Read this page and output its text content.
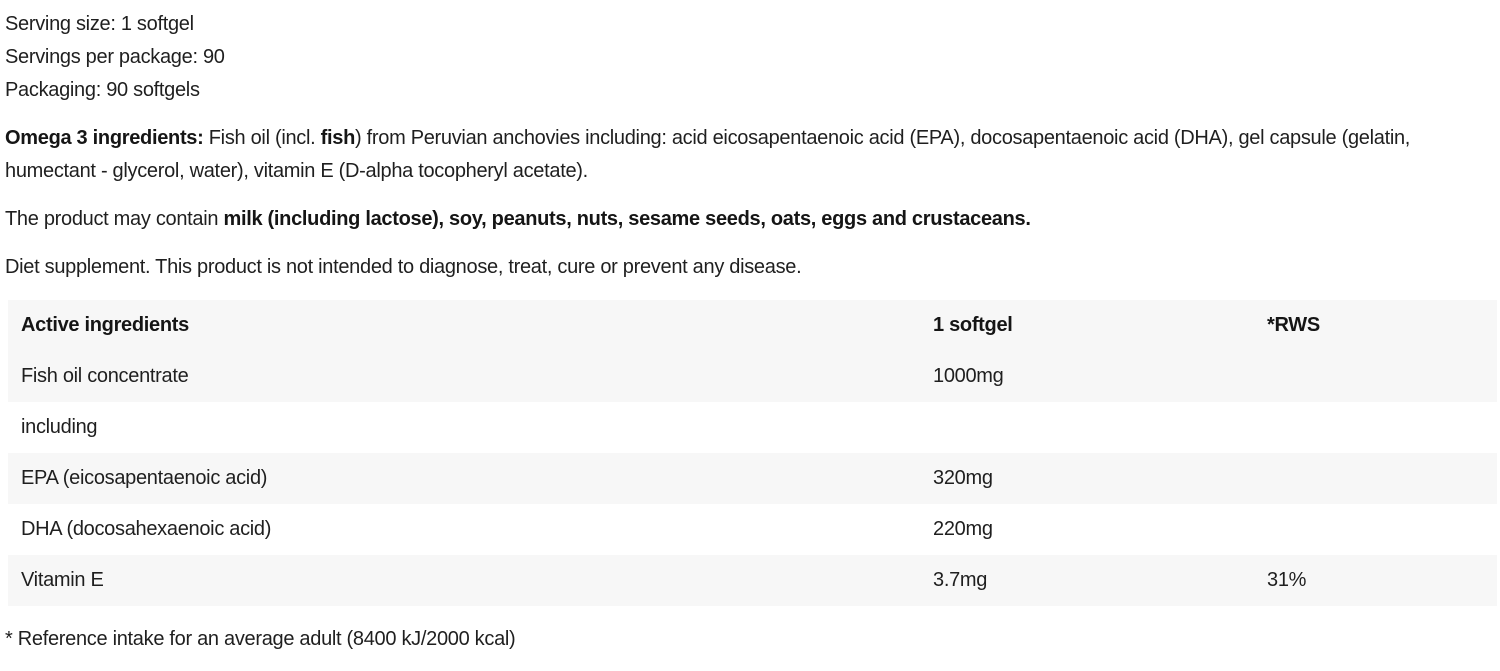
Serving size: 1 softgel
Servings per package: 90
Packaging: 90 softgels

Omega 3 ingredients: Fish oil (incl. fish) from Peruvian anchovies including: acid eicosapentaenoic acid (EPA), docosapentaenoic acid (DHA), gel capsule (gelatin, humectant - glycerol, water), vitamin E (D-alpha tocopheryl acetate).

The product may contain milk (including lactose), soy, peanuts, nuts, sesame seeds, oats, eggs and crustaceans.

Diet supplement. This product is not intended to diagnose, treat, cure or prevent any disease.

Active ingredients	1 softgel	*RWS
Fish oil concentrate	1000mg	
including		
EPA (eicosapentaenoic acid)	320mg	
DHA (docosahexaenoic acid)	220mg	
Vitamin E	3.7mg	31%

* Reference intake for an average adult (8400 kJ/2000 kcal)
